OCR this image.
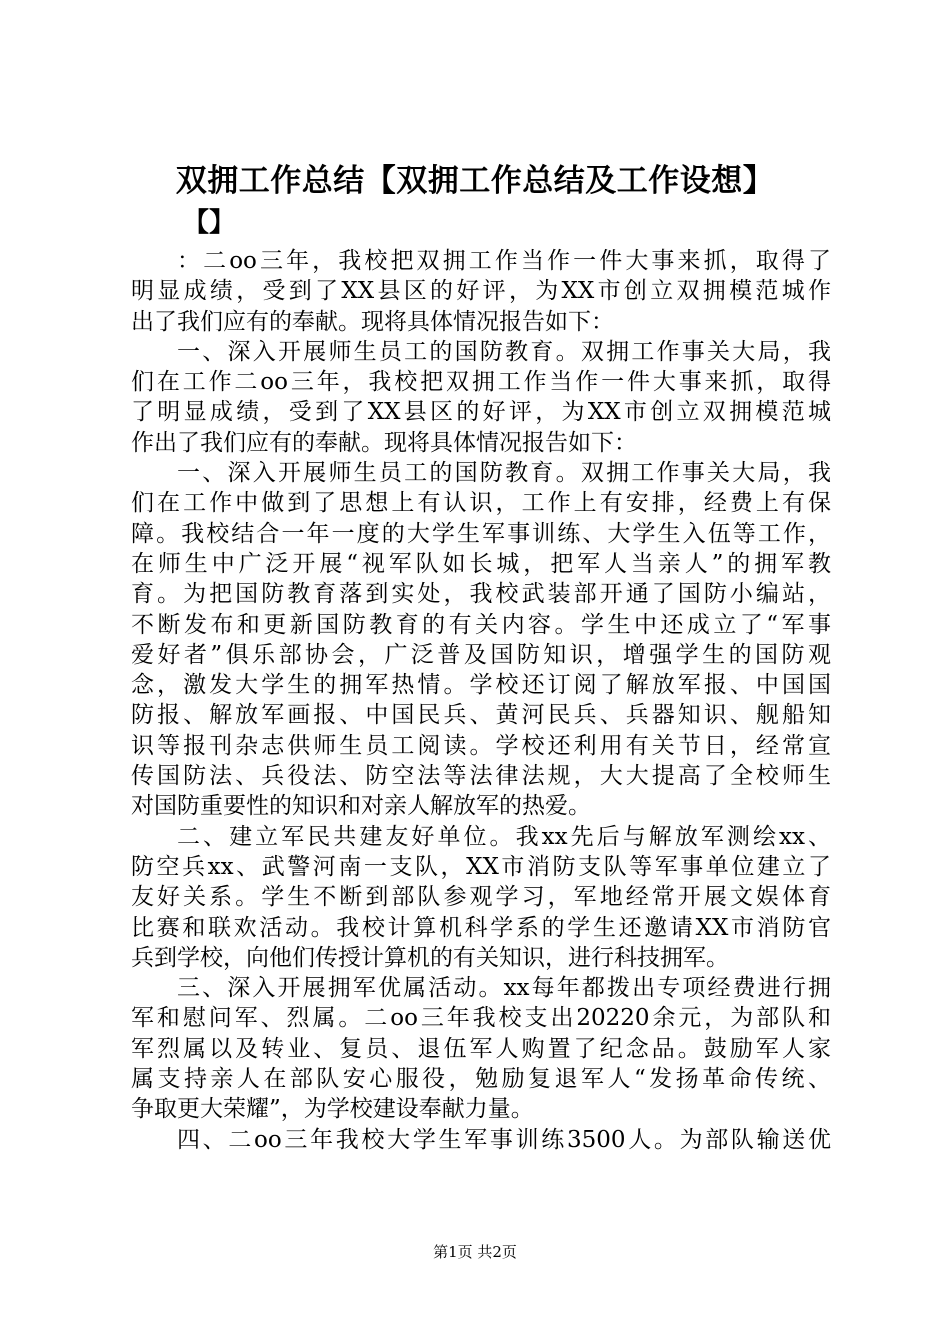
双拥工作总结【双拥工作总结及工作设想】
【】
：二oo三年，我校把双拥工作当作一件大事来抓，取得了
明显成绩，受到了XX县区的好评，为XX市创立双拥模范城作
出了我们应有的奉献。现将具体情况报告如下：
一、深入开展师生员工的国防教育。双拥工作事关大局，我
们在工作二oo三年，我校把双拥工作当作一件大事来抓，取得
了明显成绩，受到了XX县区的好评，为XX市创立双拥模范城
作出了我们应有的奉献。现将具体情况报告如下：
一、深入开展师生员工的国防教育。双拥工作事关大局，我
们在工作中做到了思想上有认识，工作上有安排，经费上有保
障。我校结合一年一度的大学生军事训练、大学生入伍等工作，
在师生中广泛开展“视军队如长城，把军人当亲人”的拥军教
育。为把国防教育落到实处，我校武装部开通了国防小编站，
不断发布和更新国防教育的有关内容。学生中还成立了“军事
爱好者”俱乐部协会，广泛普及国防知识，增强学生的国防观
念，激发大学生的拥军热情。学校还订阅了解放军报、中国国
防报、解放军画报、中国民兵、黄河民兵、兵器知识、舰船知
识等报刊杂志供师生员工阅读。学校还利用有关节日，经常宣
传国防法、兵役法、防空法等法律法规，大大提高了全校师生
对国防重要性的知识和对亲人解放军的热爱。
二、建立军民共建友好单位。我xx先后与解放军测绘xx、
防空兵xx、武警河南一支队，XX市消防支队等军事单位建立了
友好关系。学生不断到部队参观学习，军地经常开展文娱体育
比赛和联欢活动。我校计算机科学系的学生还邀请XX市消防官
兵到学校，向他们传授计算机的有关知识，进行科技拥军。
三、深入开展拥军优属活动。xx每年都拨出专项经费进行拥
军和慰问军、烈属。二oo三年我校支出20220余元，为部队和
军烈属以及转业、复员、退伍军人购置了纪念品。鼓励军人家
属支持亲人在部队安心服役，勉励复退军人“发扬革命传统、
争取更大荣耀”，为学校建设奉献力量。
四、二oo三年我校大学生军事训练3500人。为部队输送优
第1页 共2页
